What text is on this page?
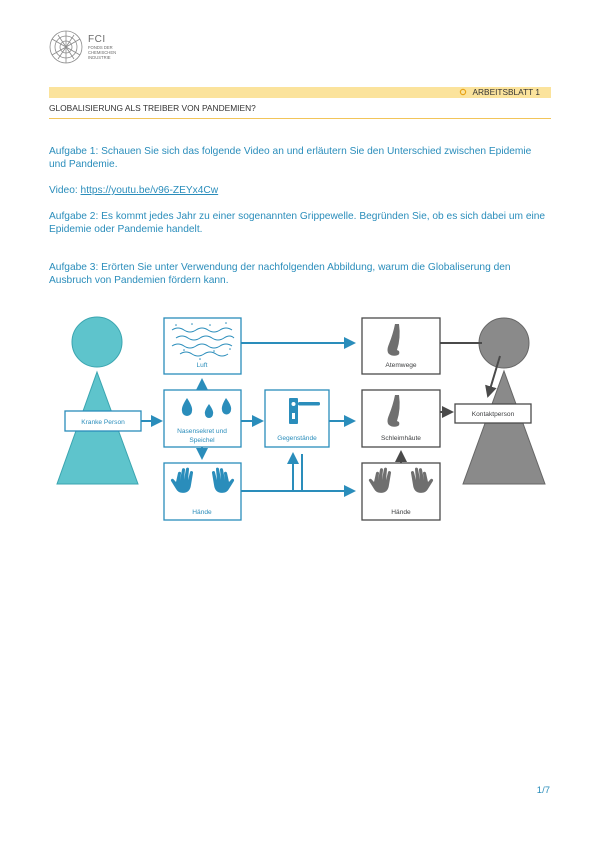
FCI
FONDS DER CHEMISCHEN INDUSTRIE
ARBEITSBLATT 1
GLOBALISIERUNG ALS TREIBER VON PANDEMIEN?
Aufgabe 1: Schauen Sie sich das folgende Video an und erläutern Sie den Unterschied zwischen Epidemie und Pandemie.
Video: https://youtu.be/v96-ZEYx4Cw
Aufgabe 2: Es kommt jedes Jahr zu einer sogenannten Grippewelle. Begründen Sie, ob es sich dabei um eine Epidemie oder Pandemie handelt.
Aufgabe 3: Erörten Sie unter Verwendung der nachfolgenden Abbildung, warum die Globaliserung den Ausbruch von Pandemien fördern kann.
Kranke Person
Luft
Nasensekret und
Speichel
Hände
Gegenstände
Atemwege
Schleimhäute
Hände
Kontaktperson
1/7
